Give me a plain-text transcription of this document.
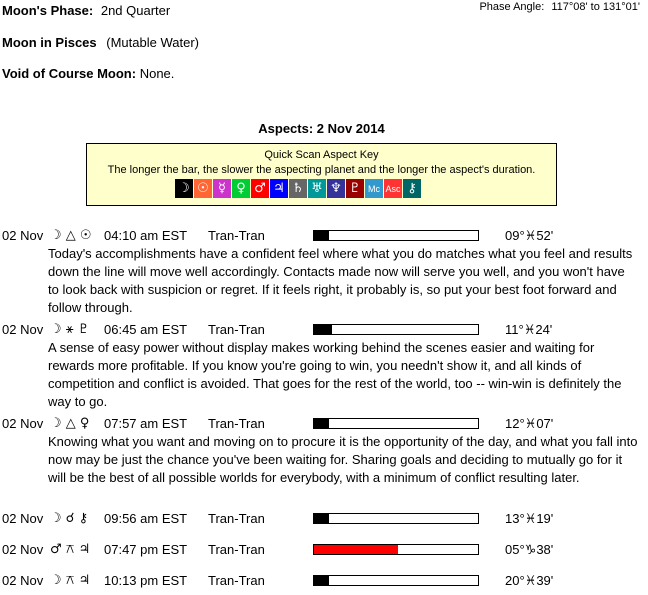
Moon's Phase: 2nd Quarter	Phase Angle: 117°08' to 131°01'
Moon in Pisces (Mutable Water)
Void of Course Moon: None.
Aspects: 2 Nov 2014
Quick Scan Aspect Key
The longer the bar, the slower the aspecting planet and the longer the aspect's duration.
☽ ☉ ☿ ♀ ♂ ♃ ♄ ♅ ♆ ♇ Mc Asc ⚷
02 Nov ☽ △ ☉ 04:10 am EST Tran-Tran	09°♓52'
Today's accomplishments have a confident feel where what you do matches what you feel and results down the line will move well accordingly. Contacts made now will serve you well, and you won't have to look back with suspicion or regret. If it feels right, it probably is, so put your best foot forward and follow through.
02 Nov ☽ ⚹ ♇ 06:45 am EST Tran-Tran	11°♓24'
A sense of easy power without display makes working behind the scenes easier and waiting for rewards more profitable. If you know you're going to win, you needn't show it, and all kinds of competition and conflict is avoided. That goes for the rest of the world, too -- win-win is definitely the way to go.
02 Nov ☽ △ ♀ 07:57 am EST Tran-Tran	12°♓07'
Knowing what you want and moving on to procure it is the opportunity of the day, and what you fall into now may be just the chance you've been waiting for. Sharing goals and deciding to mutually go for it will be the best of all possible worlds for everybody, with a minimum of conflict resulting later.
02 Nov ☽ ☌ ⚷ 09:56 am EST Tran-Tran	13°♓19'
02 Nov ♂ ⚻ ♃ 07:47 pm EST Tran-Tran	05°♑38'
02 Nov ☽ ⚻ ♃ 10:13 pm EST Tran-Tran	20°♓39'
